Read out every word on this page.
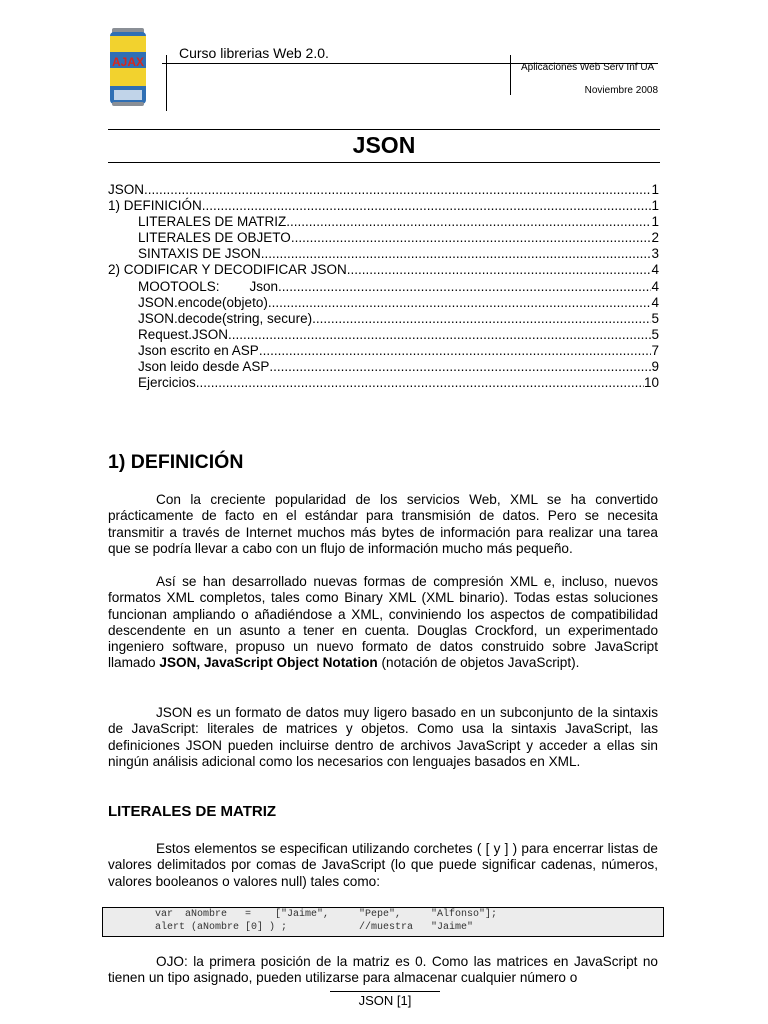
AJAX
Curso librerias Web 2.0.
Aplicaciones Web Serv Inf UA
Noviembre 2008
JSON
JSON .....	1
1) DEFINICIÓN .....	1
LITERALES DE MATRIZ .....	1
LITERALES DE OBJETO .....	2
SINTAXIS DE JSON .....	3
2) CODIFICAR Y DECODIFICAR JSON .....	4
MOOTOOLS: Json .....	4
JSON.encode(objeto) .....	4
JSON.decode(string, secure) .....	5
Request.JSON .....	5
Json escrito en ASP .....	7
Json leido desde ASP .....	9
Ejercicios .....	10
1) DEFINICIÓN

Con la creciente popularidad de los servicios Web, XML se ha convertido prácticamente de facto en el estándar para transmisión de datos. Pero se necesita transmitir a través de Internet muchos más bytes de información para realizar una tarea que se podría llevar a cabo con un flujo de información mucho más pequeño.

Así se han desarrollado nuevas formas de compresión XML e, incluso, nuevos formatos XML completos, tales como Binary XML (XML binario). Todas estas soluciones funcionan ampliando o añadiéndose a XML, conviniendo los aspectos de compatibilidad descendente en un asunto a tener en cuenta. Douglas Crockford, un experimentado ingeniero software, propuso un nuevo formato de datos construido sobre JavaScript llamado JSON, JavaScript Object Notation (notación de objetos JavaScript).

JSON es un formato de datos muy ligero basado en un subconjunto de la sintaxis de JavaScript: literales de matrices y objetos. Como usa la sintaxis JavaScript, las definiciones JSON pueden incluirse dentro de archivos JavaScript y acceder a ellas sin ningún análisis adicional como los necesarios con lenguajes basados en XML.

LITERALES DE MATRIZ

Estos elementos se especifican utilizando corchetes ( [ y ] ) para encerrar listas de valores delimitados por comas de JavaScript (lo que puede significar cadenas, números, valores booleanos o valores null) tales como:

var  aNombre   =    ["Jaime",     "Pepe",     "Alfonso"];
alert (aNombre [0] ) ;            //muestra   "Jaime"

OJO: la primera posición de la matriz es 0. Como las matrices en JavaScript no tienen un tipo asignado, pueden utilizarse para almacenar cualquier número o

JSON [1]
